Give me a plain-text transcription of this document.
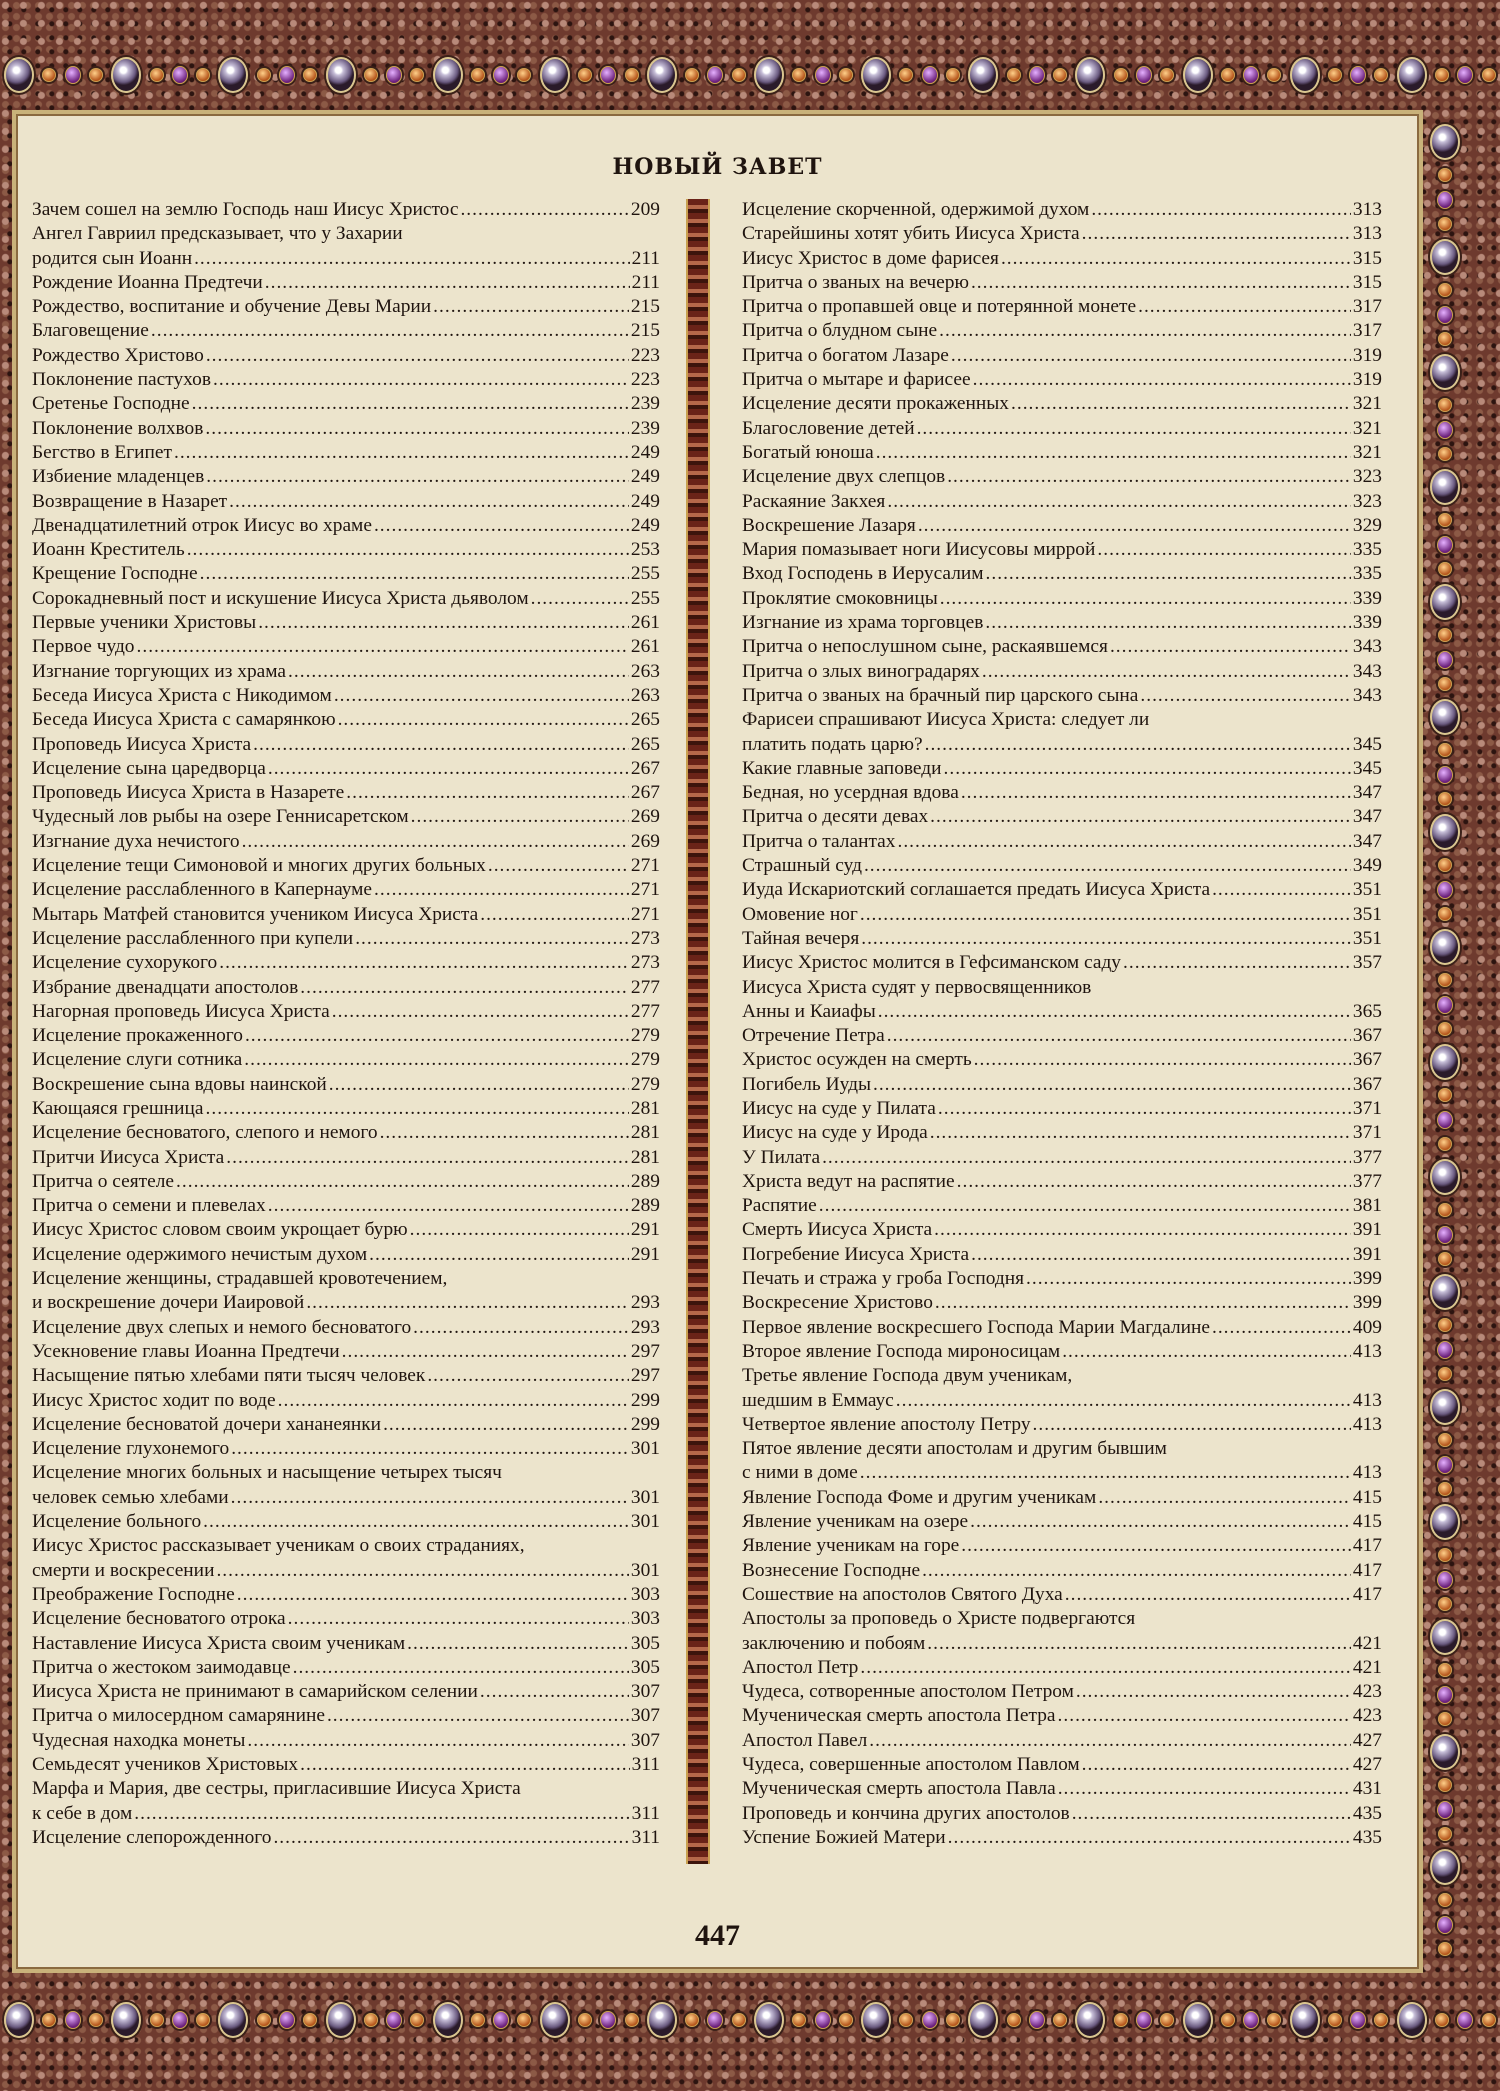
НОВЫЙ ЗАВЕТ
Зачем сошел на землю Господь наш Иисус Христос .....	209
Ангел Гавриил предсказывает, что у Захарии
родится сын Иоанн .....	211
Рождение Иоанна Предтечи .....	211
Рождество, воспитание и обучение Девы Марии .....	215
Благовещение .....	215
Рождество Христово .....	223
Поклонение пастухов .....	223
Сретенье Господне .....	239
Поклонение волхвов .....	239
Бегство в Египет .....	249
Избиение младенцев .....	249
Возвращение в Назарет .....	249
Двенадцатилетний отрок Иисус во храме .....	249
Иоанн Креститель .....	253
Крещение Господне .....	255
Сорокадневный пост и искушение Иисуса Христа дьяволом .....	255
Первые ученики Христовы .....	261
Первое чудо .....	261
Изгнание торгующих из храма .....	263
Беседа Иисуса Христа с Никодимом .....	263
Беседа Иисуса Христа с самарянкою .....	265
Проповедь Иисуса Христа .....	265
Исцеление сына царедворца .....	267
Проповедь Иисуса Христа в Назарете .....	267
Чудесный лов рыбы на озере Геннисаретском .....	269
Изгнание духа нечистого .....	269
Исцеление тещи Симоновой и многих других больных .....	271
Исцеление расслабленного в Капернауме .....	271
Мытарь Матфей становится учеником Иисуса Христа .....	271
Исцеление расслабленного при купели .....	273
Исцеление сухорукого .....	273
Избрание двенадцати апостолов .....	277
Нагорная проповедь Иисуса Христа .....	277
Исцеление прокаженного .....	279
Исцеление слуги сотника .....	279
Воскрешение сына вдовы наинской .....	279
Кающаяся грешница .....	281
Исцеление бесноватого, слепого и немого .....	281
Притчи Иисуса Христа .....	281
Притча о сеятеле .....	289
Притча о семени и плевелах .....	289
Иисус Христос словом своим укрощает бурю .....	291
Исцеление одержимого нечистым духом .....	291
Исцеление женщины, страдавшей кровотечением,
и воскрешение дочери Иаировой .....	293
Исцеление двух слепых и немого бесноватого .....	293
Усекновение главы Иоанна Предтечи .....	297
Насыщение пятью хлебами пяти тысяч человек .....	297
Иисус Христос ходит по воде .....	299
Исцеление бесноватой дочери хананеянки .....	299
Исцеление глухонемого .....	301
Исцеление многих больных и насыщение четырех тысяч
человек семью хлебами .....	301
Исцеление больного .....	301
Иисус Христос рассказывает ученикам о своих страданиях,
смерти и воскресении .....	301
Преображение Господне .....	303
Исцеление бесноватого отрока .....	303
Наставление Иисуса Христа своим ученикам .....	305
Притча о жестоком заимодавце .....	305
Иисуса Христа не принимают в самарийском селении .....	307
Притча о милосердном самарянине .....	307
Чудесная находка монеты .....	307
Семьдесят учеников Христовых .....	311
Марфа и Мария, две сестры, пригласившие Иисуса Христа
к себе в дом .....	311
Исцеление слепорожденного .....	311
Исцеление скорченной, одержимой духом .....	313
Старейшины хотят убить Иисуса Христа .....	313
Иисус Христос в доме фарисея .....	315
Притча о званых на вечерю .....	315
Притча о пропавшей овце и потерянной монете .....	317
Притча о блудном сыне .....	317
Притча о богатом Лазаре .....	319
Притча о мытаре и фарисее .....	319
Исцеление десяти прокаженных .....	321
Благословение детей .....	321
Богатый юноша .....	321
Исцеление двух слепцов .....	323
Раскаяние Закхея .....	323
Воскрешение Лазаря .....	329
Мария помазывает ноги Иисусовы миррой .....	335
Вход Господень в Иерусалим .....	335
Проклятие смоковницы .....	339
Изгнание из храма торговцев .....	339
Притча о непослушном сыне, раскаявшемся .....	343
Притча о злых виноградарях .....	343
Притча о званых на брачный пир царского сына .....	343
Фарисеи спрашивают Иисуса Христа: следует ли
платить подать царю? .....	345
Какие главные заповеди .....	345
Бедная, но усердная вдова .....	347
Притча о десяти девах .....	347
Притча о талантах .....	347
Страшный суд .....	349
Иуда Искариотский соглашается предать Иисуса Христа .....	351
Омовение ног .....	351
Тайная вечеря .....	351
Иисус Христос молится в Гефсиманском саду .....	357
Иисуса Христа судят у первосвященников
Анны и Каиафы .....	365
Отречение Петра .....	367
Христос осужден на смерть .....	367
Погибель Иуды .....	367
Иисус на суде у Пилата .....	371
Иисус на суде у Ирода .....	371
У Пилата .....	377
Христа ведут на распятие .....	377
Распятие .....	381
Смерть Иисуса Христа .....	391
Погребение Иисуса Христа .....	391
Печать и стража у гроба Господня .....	399
Воскресение Христово .....	399
Первое явление воскресшего Господа Марии Магдалине .....	409
Второе явление Господа мироносицам .....	413
Третье явление Господа двум ученикам,
шедшим в Еммаус .....	413
Четвертое явление апостолу Петру .....	413
Пятое явление десяти апостолам и другим бывшим
с ними в доме .....	413
Явление Господа Фоме и другим ученикам .....	415
Явление ученикам на озере .....	415
Явление ученикам на горе .....	417
Вознесение Господне .....	417
Сошествие на апостолов Святого Духа .....	417
Апостолы за проповедь о Христе подвергаются
заключению и побоям .....	421
Апостол Петр .....	421
Чудеса, сотворенные апостолом Петром .....	423
Мученическая смерть апостола Петра .....	423
Апостол Павел .....	427
Чудеса, совершенные апостолом Павлом .....	427
Мученическая смерть апостола Павла .....	431
Проповедь и кончина других апостолов .....	435
Успение Божией Матери .....	435
447
